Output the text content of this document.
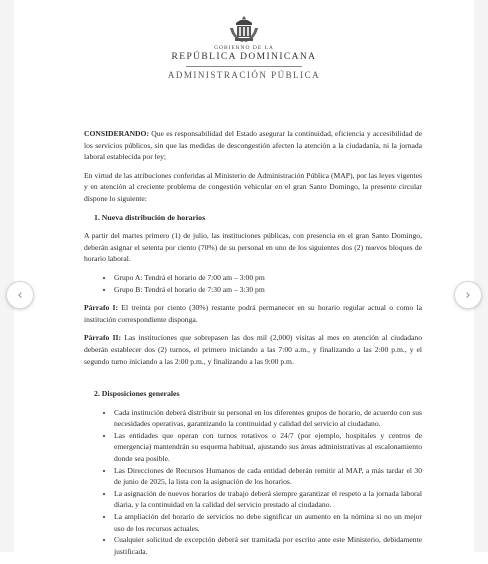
GOBIERNO DE LA
REPÚBLICA DOMINICANA
ADMINISTRACIÓN PÚBLICA

CONSIDERANDO: Que es responsabilidad del Estado asegurar la continuidad, eficiencia y accesibilidad de los servicios públicos, sin que las medidas de descongestión afecten la atención a la ciudadanía, ni la jornada laboral establecida por ley;

En virtud de las atribuciones conferidas al Ministerio de Administración Pública (MAP), por las leyes vigentes y en atención al creciente problema de congestión vehicular en el gran Santo Domingo, la presente circular dispone lo siguiente:

1. Nueva distribución de horarios

A partir del martes primero (1) de julio, las instituciones públicas, con presencia en el gran Santo Domingo, deberán asignar el setenta por ciento (70%) de su personal en uno de los siguientes dos (2) nuevos bloques de horario laboral.

• Grupo A: Tendrá el horario de 7:00 am – 3:00 pm
• Grupo B: Tendrá el horario de 7:30 am – 3:30 pm

Párrafo I: El treinta por ciento (30%) restante podrá permanecer en su horario regular actual o como la institución correspondiente disponga.

Párrafo II: Las instituciones que sobrepasen las dos mil (2,000) visitas al mes en atención al ciudadano deberán establecer dos (2) turnos, el primero iniciando a las 7:00 a.m., y finalizando a las 2:00 p.m., y el segundo turno iniciando a las 2:00 p.m., y finalizando a las 9:00 p.m.

2. Disposiciones generales
• Cada institución deberá distribuir su personal en los diferentes grupos de horario, de acuerdo con sus necesidades operativas, garantizando la continuidad y calidad del servicio al ciudadano.
• Las entidades que operan con turnos rotativos o 24/7 (por ejemplo, hospitales y centros de emergencia) mantendrán su esquema habitual, ajustando sus áreas administrativas al escalonamiento donde sea posible.
• Las Direcciones de Recursos Humanos de cada entidad deberán remitir al MAP, a más tardar el 30 de junio de 2025, la lista con la asignación de los horarios.
• La asignación de nuevos horarios de trabajo deberá siempre garantizar el respeto a la jornada laboral diaria, y la continuidad en la calidad del servicio prestado al ciudadano.
• La ampliación del horario de servicios no debe significar un aumento en la nómina si no un mejor uso de los recursos actuales.
• Cualquier solicitud de excepción deberá ser tramitada por escrito ante este Ministerio, debidamente justificada.
‹	›
